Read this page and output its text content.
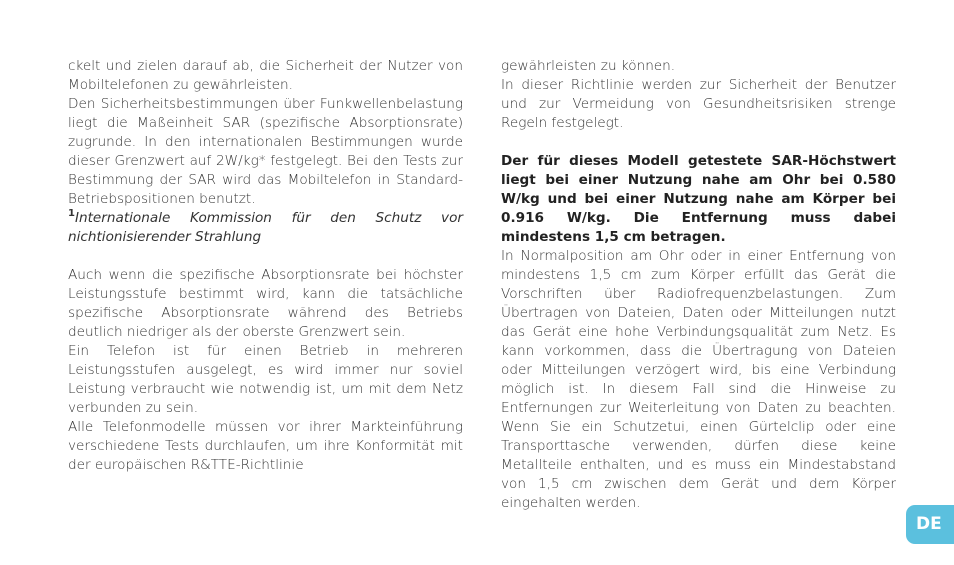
ckelt und zielen darauf ab, die Sicherheit der Nutzer von Mobiltelefonen zu gewährleisten.

Den Sicherheitsbestimmungen über Funkwellenbelastung liegt die Maßeinheit SAR (spezifische Absorptionsrate) zugrunde. In den internationalen Bestimmungen wurde dieser Grenzwert auf 2W/kg* festgelegt. Bei den Tests zur Bestimmung der SAR wird das Mobiltelefon in Standard-Betriebspositionen benutzt.

$^1$Internationale Kommission für den Schutz vor nichtionisierender Strahlung

Auch wenn die spezifische Absorptionsrate bei höchster Leistungsstufe bestimmt wird, kann die tatsächliche spezifische Absorptionsrate während des Betriebs deutlich niedriger als der oberste Grenzwert sein.

Ein Telefon ist für einen Betrieb in mehreren Leistungsstufen ausgelegt, es wird immer nur soviel Leistung verbraucht wie notwendig ist, um mit dem Netz verbunden zu sein.

Alle Telefonmodelle müssen vor ihrer Markteinführung verschiedene Tests durchlaufen, um ihre Konformität mit der europäischen R&TTE-Richtlinie

gewährleisten zu können.

In dieser Richtlinie werden zur Sicherheit der Benutzer und zur Vermeidung von Gesundheitsrisiken strenge Regeln festgelegt.

Der für dieses Modell getestete SAR-Höchstwert liegt bei einer Nutzung nahe am Ohr bei 0.580 W/kg und bei einer Nutzung nahe am Körper bei 0.916 W/kg. Die Entfernung muss dabei mindestens 1,5 cm betragen.

In Normalposition am Ohr oder in einer Entfernung von mindestens 1,5 cm zum Körper erfüllt das Gerät die Vorschriften über Radiofrequenzbelastungen. Zum Übertragen von Dateien, Daten oder Mitteilungen nutzt das Gerät eine hohe Verbindungsqualität zum Netz. Es kann vorkommen, dass die Übertragung von Dateien oder Mitteilungen verzögert wird, bis eine Verbindung möglich ist. In diesem Fall sind die Hinweise zu Entfernungen zur Weiterleitung von Daten zu beachten. Wenn Sie ein Schutzetui, einen Gürtelclip oder eine Transporttasche verwenden, dürfen diese keine Metallteile enthalten, und es muss ein Mindestabstand von 1,5 cm zwischen dem Gerät und dem Körper eingehalten werden.

DE
